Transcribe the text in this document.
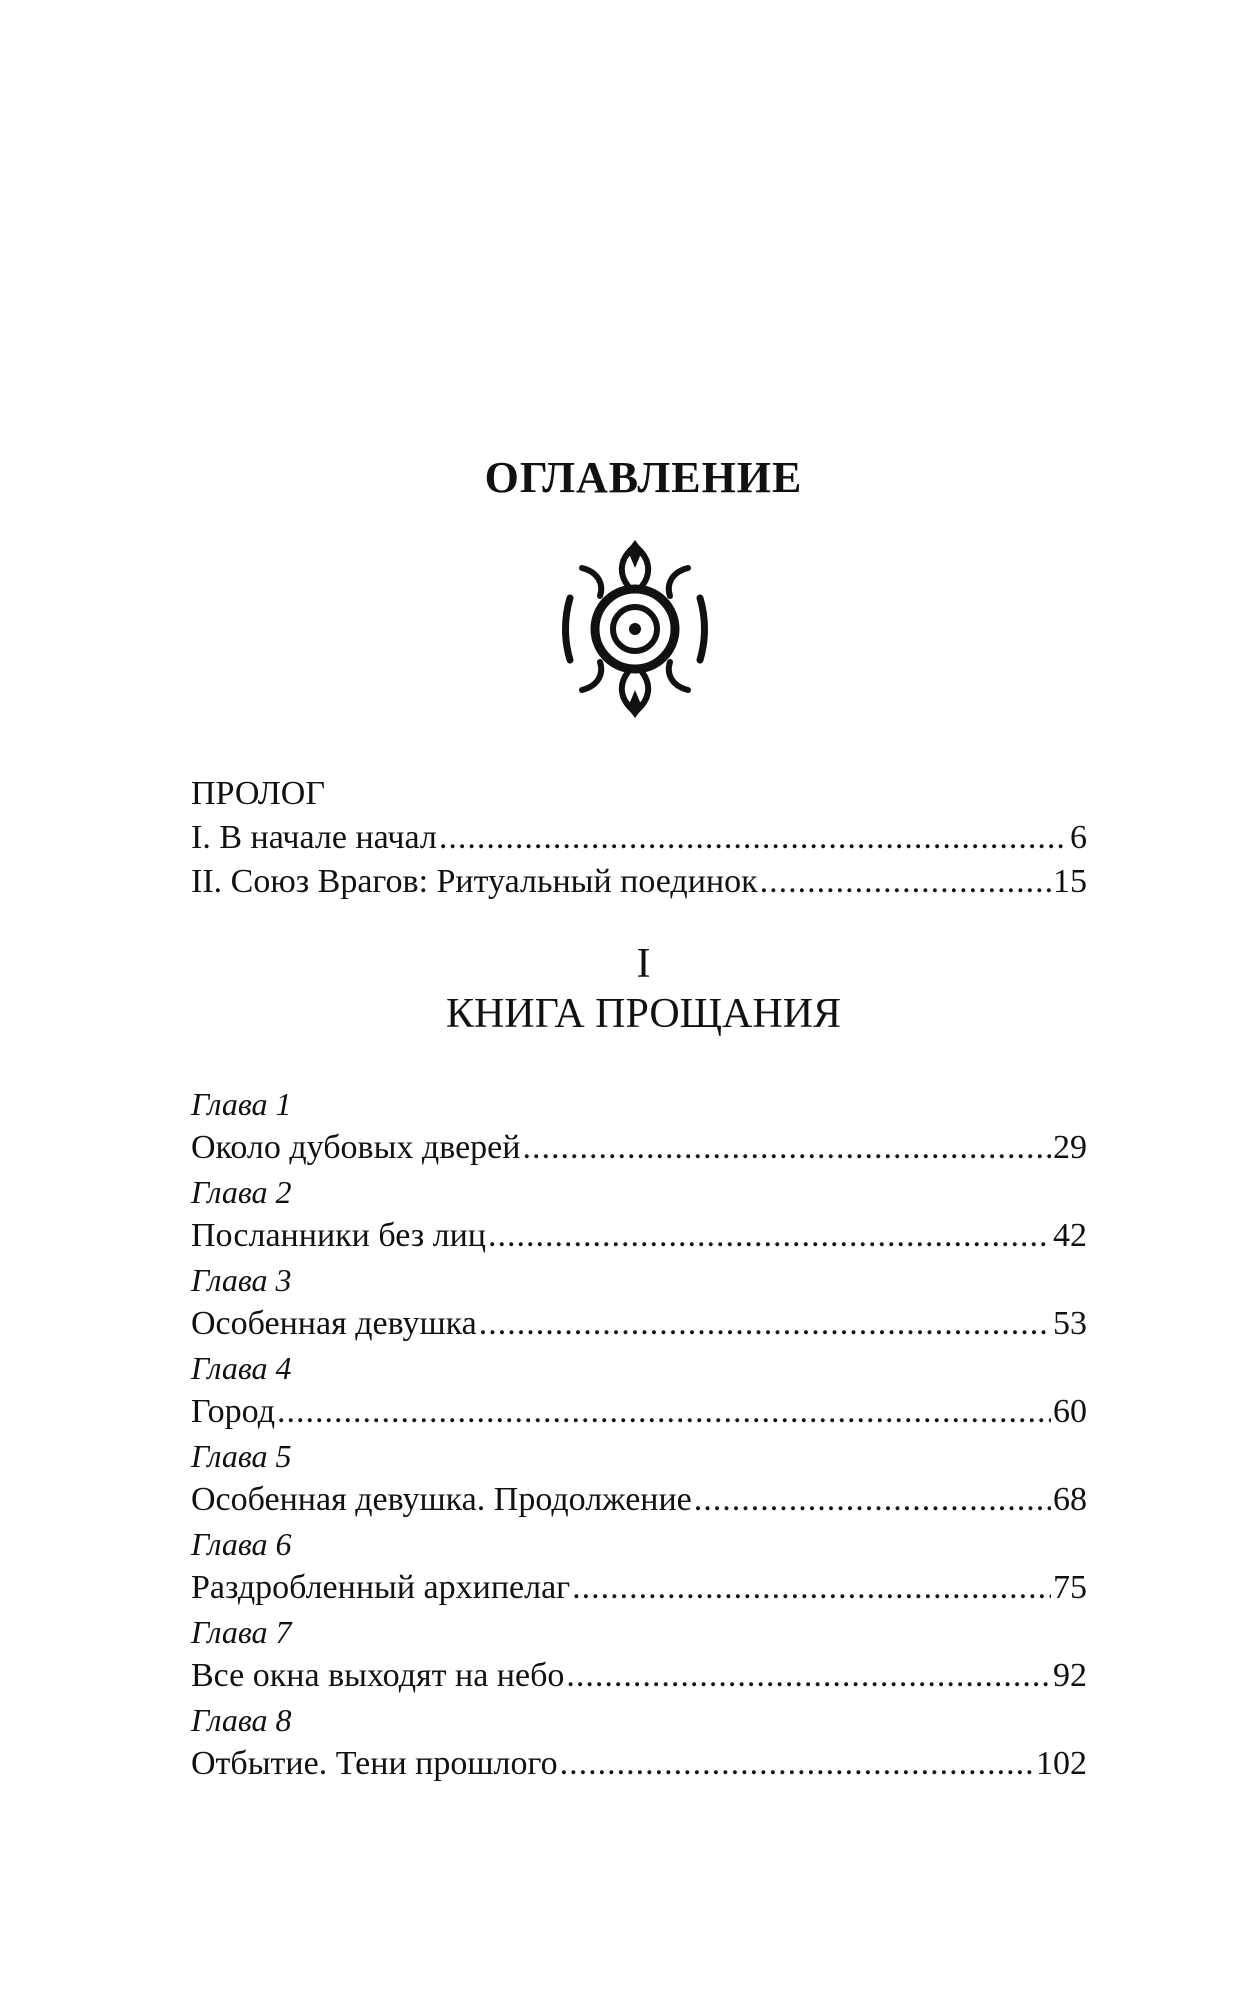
ОГЛАВЛЕНИЕ
ПРОЛОГ
I. В начале начал .....	6
II. Союз Врагов: Ритуальный поединок .....	15
I
КНИГА ПРОЩАНИЯ
Глава 1
Около дубовых дверей .....	29
Глава 2
Посланники без лиц .....	42
Глава 3
Особенная девушка .....	53
Глава 4
Город .....	60
Глава 5
Особенная девушка. Продолжение .....	68
Глава 6
Раздробленный архипелаг .....	75
Глава 7
Все окна выходят на небо .....	92
Глава 8
Отбытие. Тени прошлого .....	102
